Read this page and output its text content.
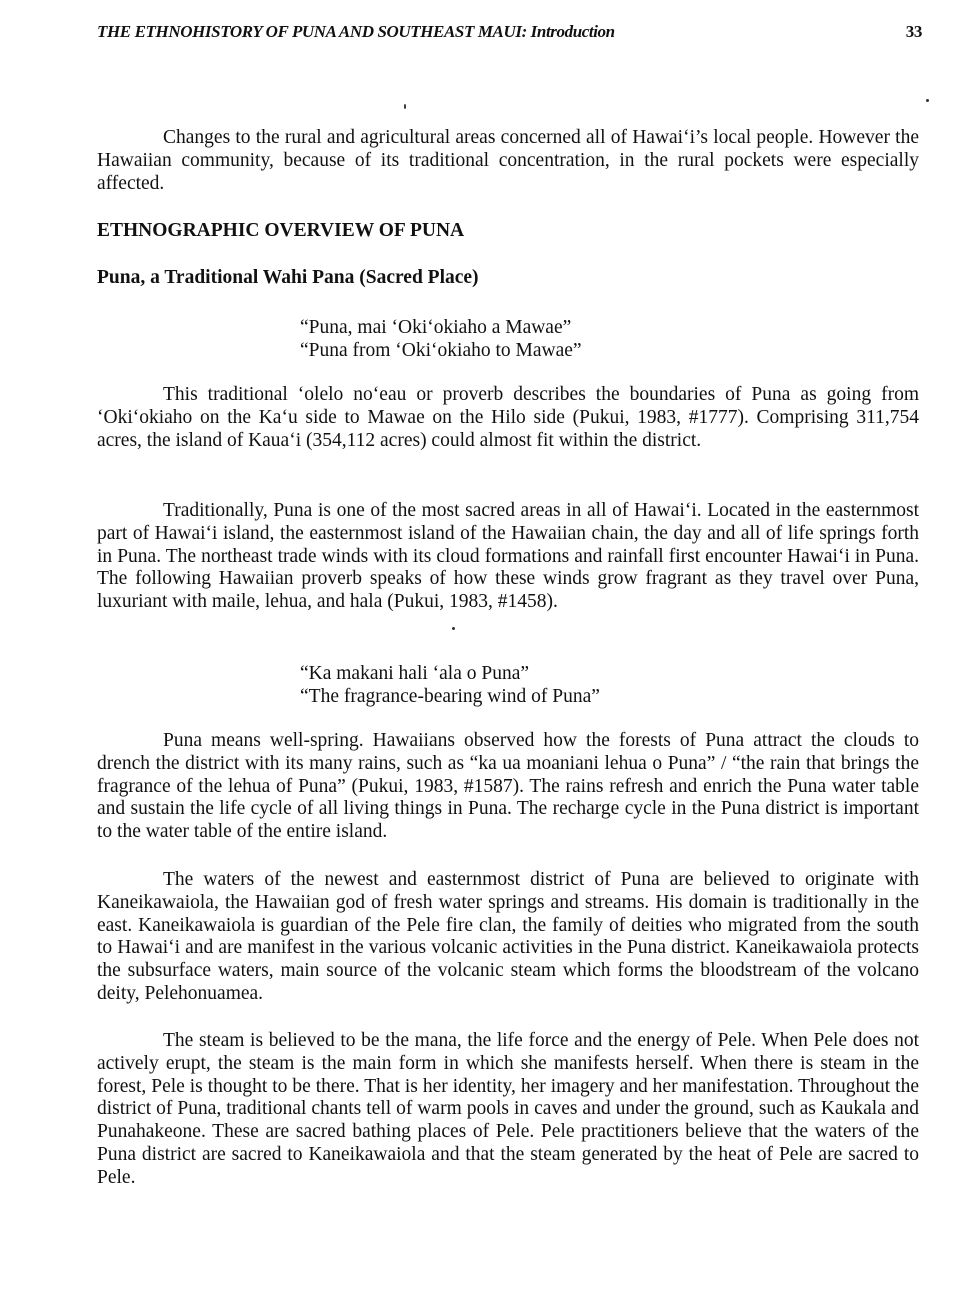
THE ETHNOHISTORY OF PUNA AND SOUTHEAST MAUI: Introduction	33

Changes to the rural and agricultural areas concerned all of Hawai‘i’s local people. However the Hawaiian community, because of its traditional concentration, in the rural pockets were especially affected.

ETHNOGRAPHIC OVERVIEW OF PUNA
Puna, a Traditional Wahi Pana (Sacred Place)
“Puna, mai ‘Oki‘okiaho a Mawae”
“Puna from ‘Oki‘okiaho to Mawae”

This traditional ‘olelo no‘eau or proverb describes the boundaries of Puna as going from ‘Oki‘okiaho on the Ka‘u side to Mawae on the Hilo side (Pukui, 1983, #1777). Comprising 311,754 acres, the island of Kaua‘i (354,112 acres) could almost fit within the district.

Traditionally, Puna is one of the most sacred areas in all of Hawai‘i. Located in the easternmost part of Hawai‘i island, the easternmost island of the Hawaiian chain, the day and all of life springs forth in Puna. The northeast trade winds with its cloud formations and rainfall first encounter Hawai‘i in Puna. The following Hawaiian proverb speaks of how these winds grow fragrant as they travel over Puna, luxuriant with maile, lehua, and hala (Pukui, 1983, #1458).

“Ka makani hali ‘ala o Puna”
“The fragrance-bearing wind of Puna”

Puna means well-spring. Hawaiians observed how the forests of Puna attract the clouds to drench the district with its many rains, such as “ka ua moaniani lehua o Puna” / “the rain that brings the fragrance of the lehua of Puna” (Pukui, 1983, #1587). The rains refresh and enrich the Puna water table and sustain the life cycle of all living things in Puna. The recharge cycle in the Puna district is important to the water table of the entire island.

The waters of the newest and easternmost district of Puna are believed to originate with Kaneikawaiola, the Hawaiian god of fresh water springs and streams. His domain is traditionally in the east. Kaneikawaiola is guardian of the Pele fire clan, the family of deities who migrated from the south to Hawai‘i and are manifest in the various volcanic activities in the Puna district. Kaneikawaiola protects the subsurface waters, main source of the volcanic steam which forms the bloodstream of the volcano deity, Pelehonuamea.

The steam is believed to be the mana, the life force and the energy of Pele. When Pele does not actively erupt, the steam is the main form in which she manifests herself. When there is steam in the forest, Pele is thought to be there. That is her identity, her imagery and her manifestation. Throughout the district of Puna, traditional chants tell of warm pools in caves and under the ground, such as Kaukala and Punahakeone. These are sacred bathing places of Pele. Pele practitioners believe that the waters of the Puna district are sacred to Kaneikawaiola and that the steam generated by the heat of Pele are sacred to Pele.
